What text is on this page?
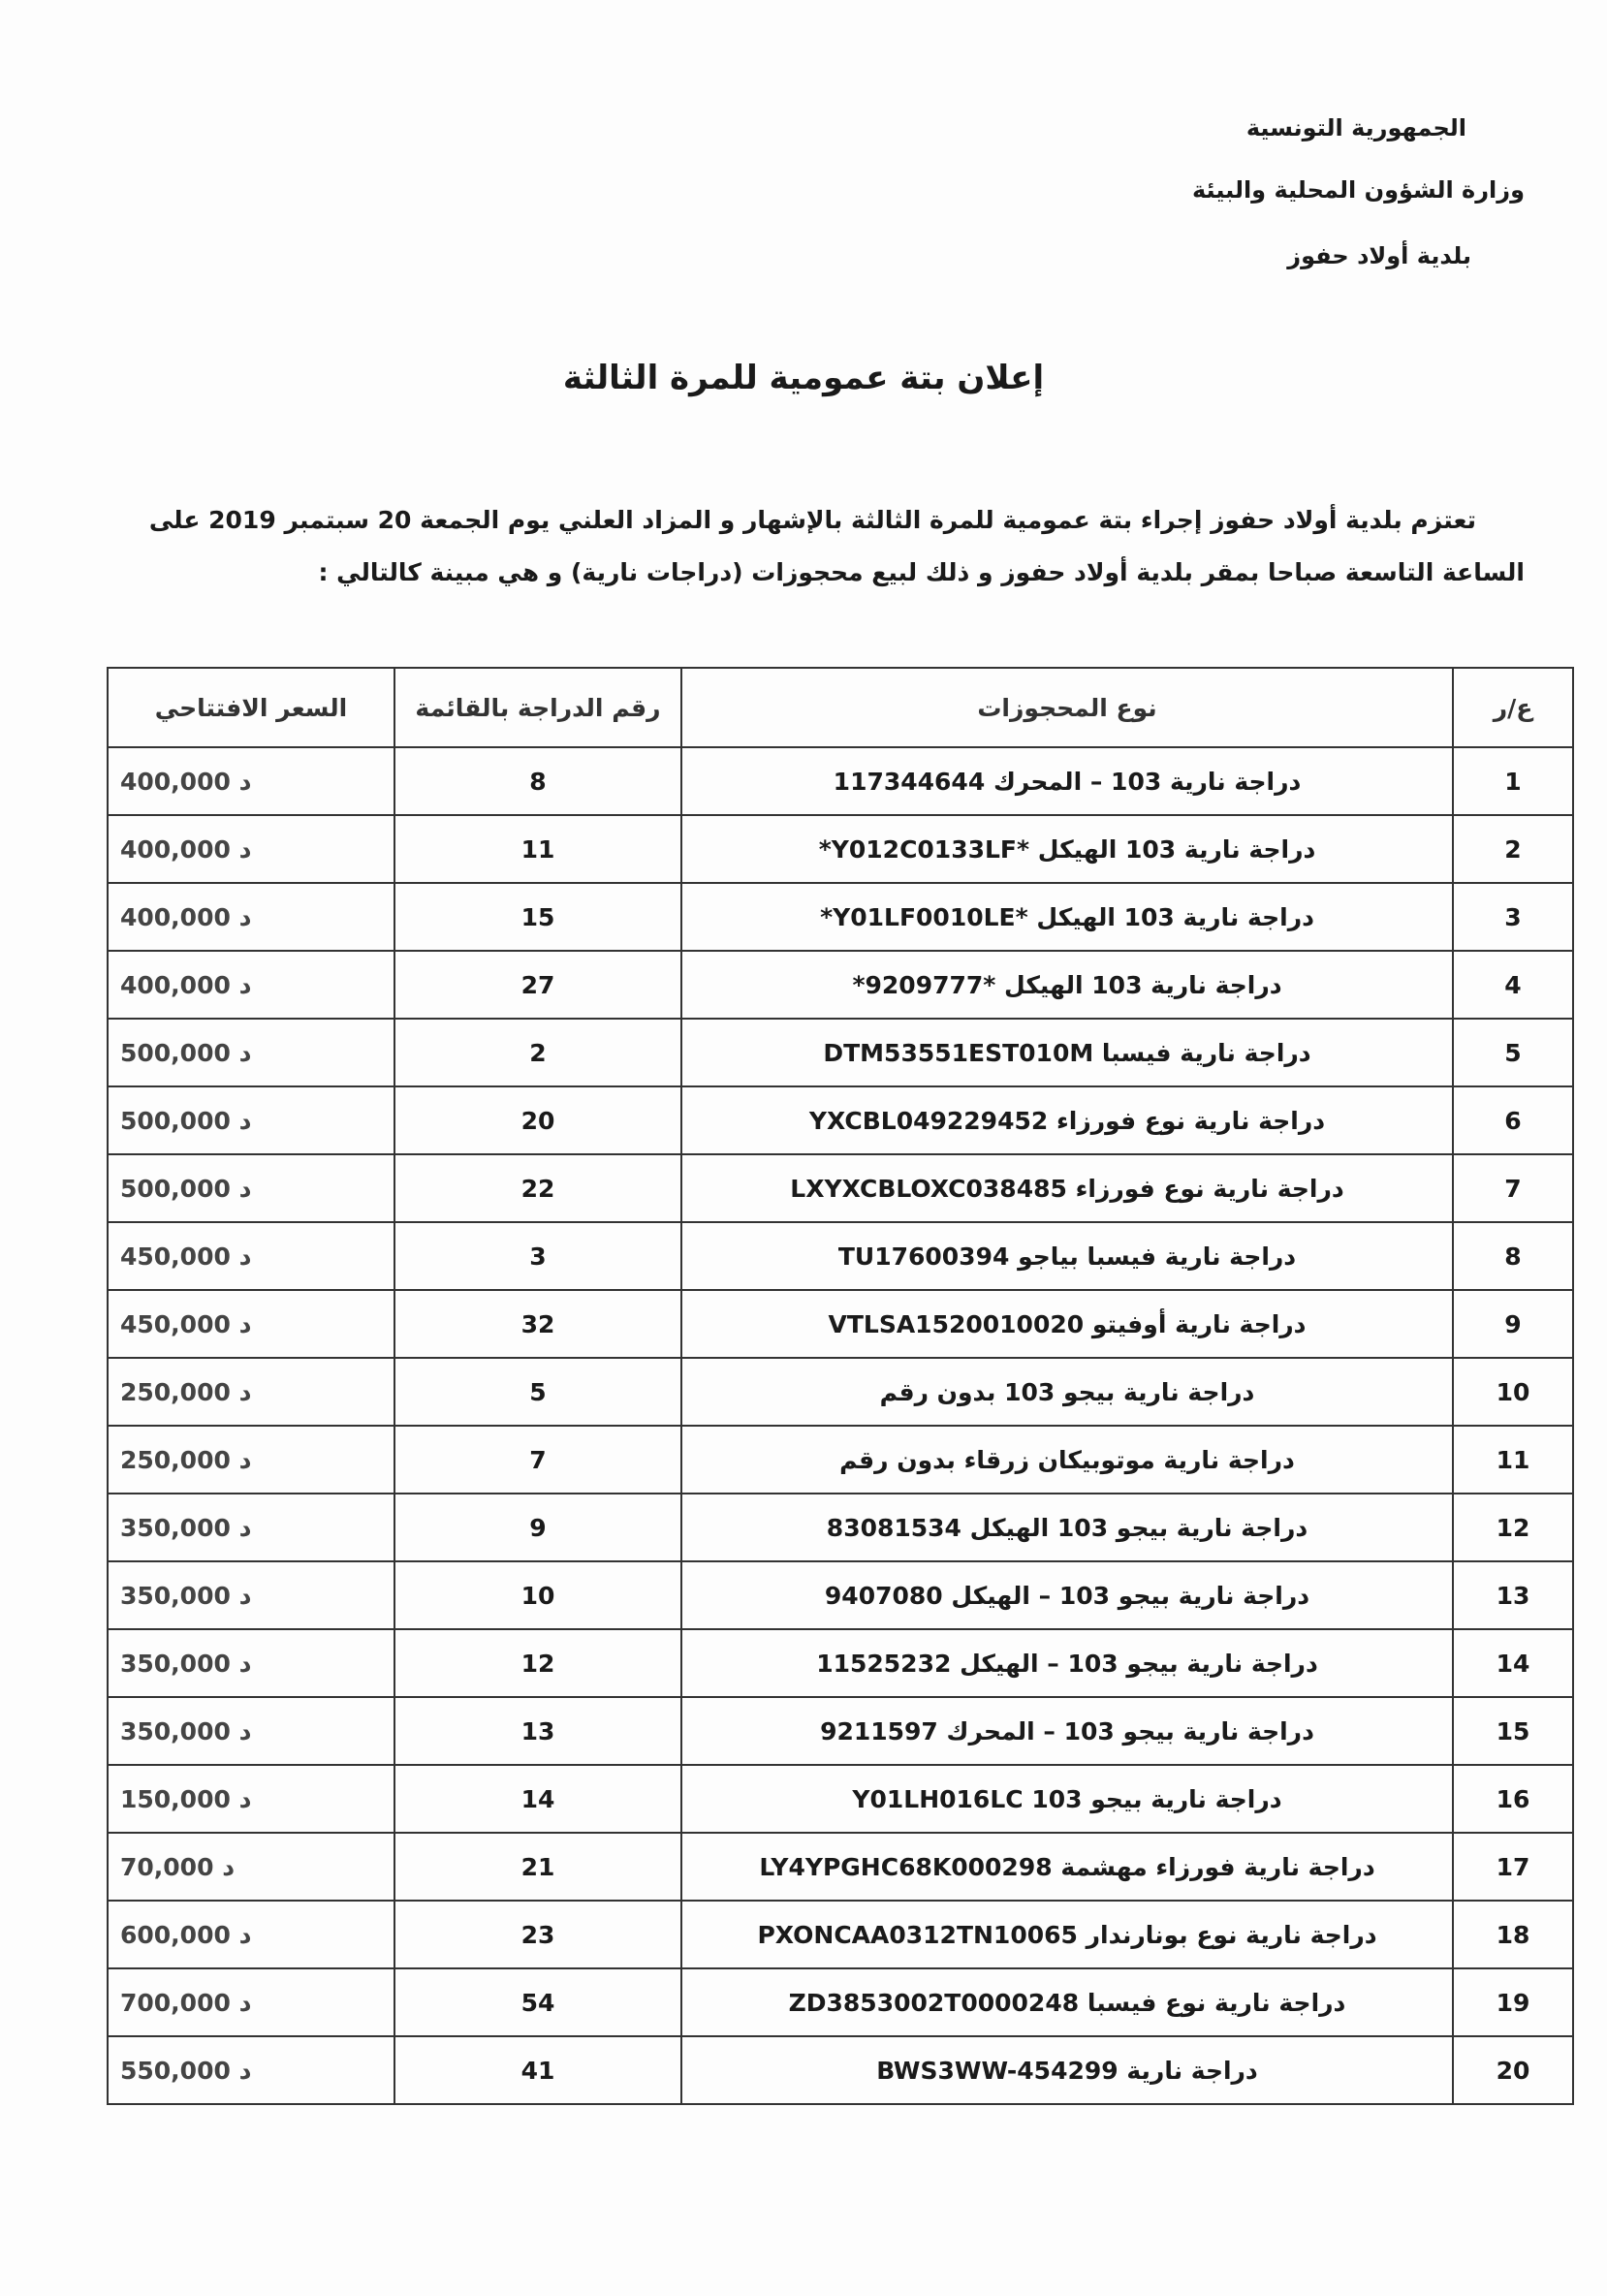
الجمهورية التونسية
وزارة الشؤون المحلية والبيئة
بلدية أولاد حفوز
إعلان بتة عمومية للمرة الثالثة
تعتزم بلدية أولاد حفوز إجراء بتة عمومية للمرة الثالثة بالإشهار و المزاد العلني يوم الجمعة 20 سبتمبر 2019 على
الساعة التاسعة صباحا بمقر بلدية أولاد حفوز و ذلك لبيع محجوزات (دراجات نارية) و هي مبينة كالتالي :
ع/ر	نوع المحجوزات	رقم الدراجة بالقائمة	السعر الافتتاحي
1	دراجة نارية 103 – المحرك 117344644	8	400,000 د
2	دراجة نارية 103 الهيكل *Y012C0133LF*	11	400,000 د
3	دراجة نارية 103 الهيكل *Y01LF0010LE*	15	400,000 د
4	دراجة نارية 103 الهيكل *9209777*	27	400,000 د
5	دراجة نارية فيسبا DTM53551EST010M	2	500,000 د
6	دراجة نارية نوع فورزاء YXCBL049229452	20	500,000 د
7	دراجة نارية نوع فورزاء LXYXCBLOXC038485	22	500,000 د
8	دراجة نارية فيسبا بياجو TU17600394	3	450,000 د
9	دراجة نارية أوفيتو VTLSA1520010020	32	450,000 د
10	دراجة نارية بيجو 103 بدون رقم	5	250,000 د
11	دراجة نارية موتوبيكان زرقاء بدون رقم	7	250,000 د
12	دراجة نارية بيجو 103 الهيكل 83081534	9	350,000 د
13	دراجة نارية بيجو 103 – الهيكل 9407080	10	350,000 د
14	دراجة نارية بيجو 103 – الهيكل 11525232	12	350,000 د
15	دراجة نارية بيجو 103 – المحرك 9211597	13	350,000 د
16	دراجة نارية بيجو 103 Y01LH016LC	14	150,000 د
17	دراجة نارية فورزاء مهشمة LY4YPGHC68K000298	21	70,000 د
18	دراجة نارية نوع بونارندار PXONCAA0312TN10065	23	600,000 د
19	دراجة نارية نوع فيسبا ZD3853002T0000248	54	700,000 د
20	دراجة نارية BWS3WW-454299	41	550,000 د
